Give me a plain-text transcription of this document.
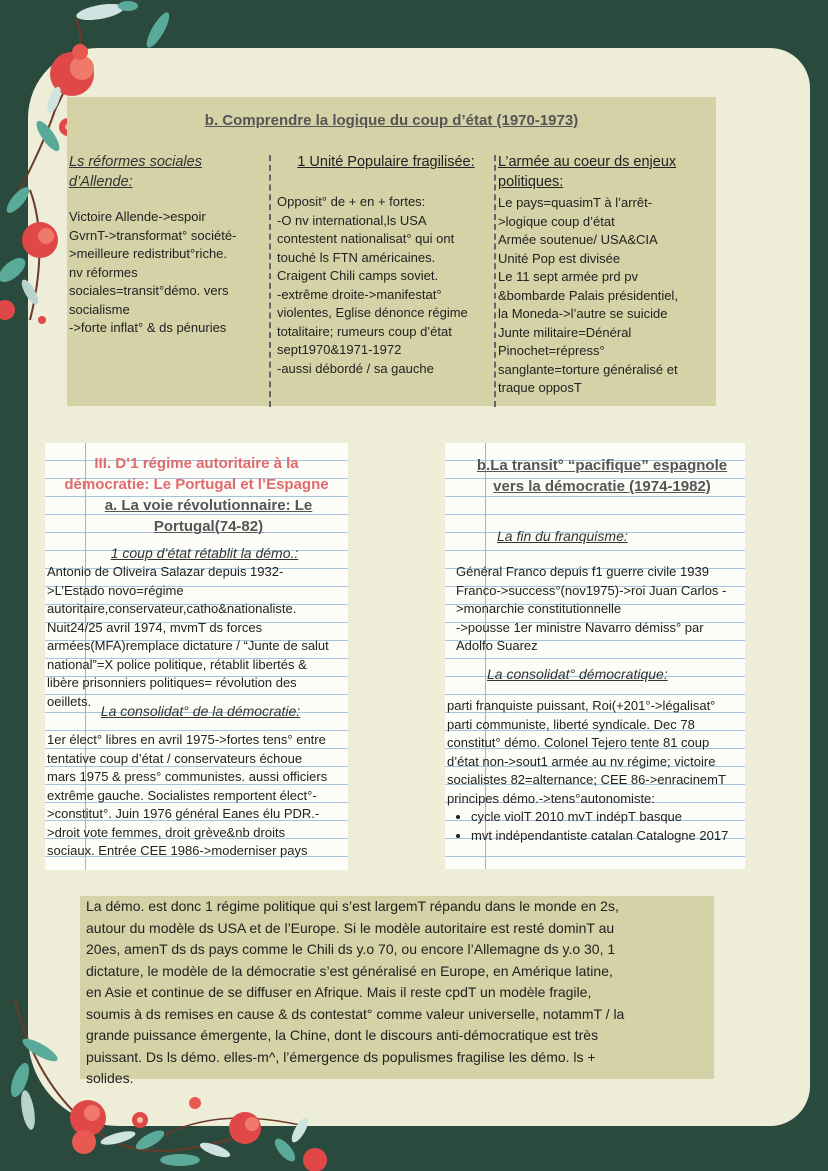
b. Comprendre la logique du coup d’état (1970-1973)
Ls réformes sociales d’Allende:
Victoire Allende->espoir
GvrnT->transformat° société-
>meilleure redistribut°riche.
nv réformes
sociales=transit°démo. vers
socialisme
->forte inflat° & ds pénuries
1 Unité Populaire fragilisée:
Opposit° de + en + fortes:
-O nv international,ls USA
contestent nationalisat° qui ont
touché ls FTN américaines.
Craigent Chili camps soviet.
-extrême droite->manifestat°
violentes, Eglise dénonce régime
totalitaire; rumeurs coup d’état
sept1970&1971-1972
-aussi débordé / sa gauche
L’armée au coeur ds enjeux
politiques:
Le pays=quasimT à l’arrêt-
>logique coup d’état
Armée soutenue/ USA&CIA
Unité Pop est divisée
Le 11 sept armée prd pv
&bombarde Palais présidentiel,
la Moneda->l’autre se suicide
Junte militaire=Dénéral
Pinochet=répress°
sanglante=torture généralisé et
traque opposT
III. D’1 régime autoritaire à la
démocratie: Le Portugal et l’Espagne
a. La voie révolutionnaire: Le
Portugal(74-82)
1 coup d’état rétablit la démo.:
Antonio de Oliveira Salazar depuis 1932-
>L’Estado novo=régime
autoritaire,conservateur,catho&nationaliste.
Nuit24/25 avril 1974, mvmT ds forces
armées(MFA)remplace dictature / “Junte de salut
national”=X police politique, rétablit libertés &
libère prisonniers politiques= révolution des
oeillets.
La consolidat° de la démocratie:
1er élect° libres en avril 1975->fortes tens° entre
tentative coup d’état / conservateurs échoue
mars 1975 & press° communistes. aussi officiers
extrême gauche. Socialistes remportent élect°-
>constitut°. Juin 1976 général Eanes élu PDR.-
>droit vote femmes, droit grève&nb droits
sociaux. Entrée CEE 1986->moderniser pays
b.La transit° “pacifique” espagnole
vers la démocratie (1974-1982)
La fin du franquisme:
Général Franco depuis f1 guerre civile 1939
Franco->success°(nov1975)->roi Juan Carlos -
>monarchie constitutionnelle
->pousse 1er ministre Navarro démiss° par
Adolfo Suarez
La consolidat° démocratique:
parti franquiste puissant, Roi(+201°->légalisat°
parti communiste, liberté syndicale. Dec 78
constitut° démo. Colonel Tejero tente 81 coup
d’état non->sout1 armée au nv régime; victoire
socialistes 82=alternance; CEE 86->enracinemT
principes démo.->tens°autonomiste:
• cycle violT 2010 mvT indépT basque
• mvt indépendantiste catalan Catalogne 2017
La démo. est donc 1 régime politique qui s’est largemT répandu dans le monde en 2s,
autour du modèle ds USA et de l’Europe. Si le modèle autoritaire est resté dominT au
20es, amenT ds ds pays comme le Chili ds y.o 70, ou encore l’Allemagne ds y.o 30, 1
dictature, le modèle de la démocratie s’est généralisé en Europe, en Amérique latine,
en Asie et continue de se diffuser en Afrique. Mais il reste cpdT un modèle fragile,
soumis à ds remises en cause & ds contestat° comme valeur universelle, notammT / la
grande puissance émergente, la Chine, dont le discours anti-démocratique est très
puissant. Ds ls démo. elles-m^, l’émergence ds populismes fragilise les démo. ls +
solides.
